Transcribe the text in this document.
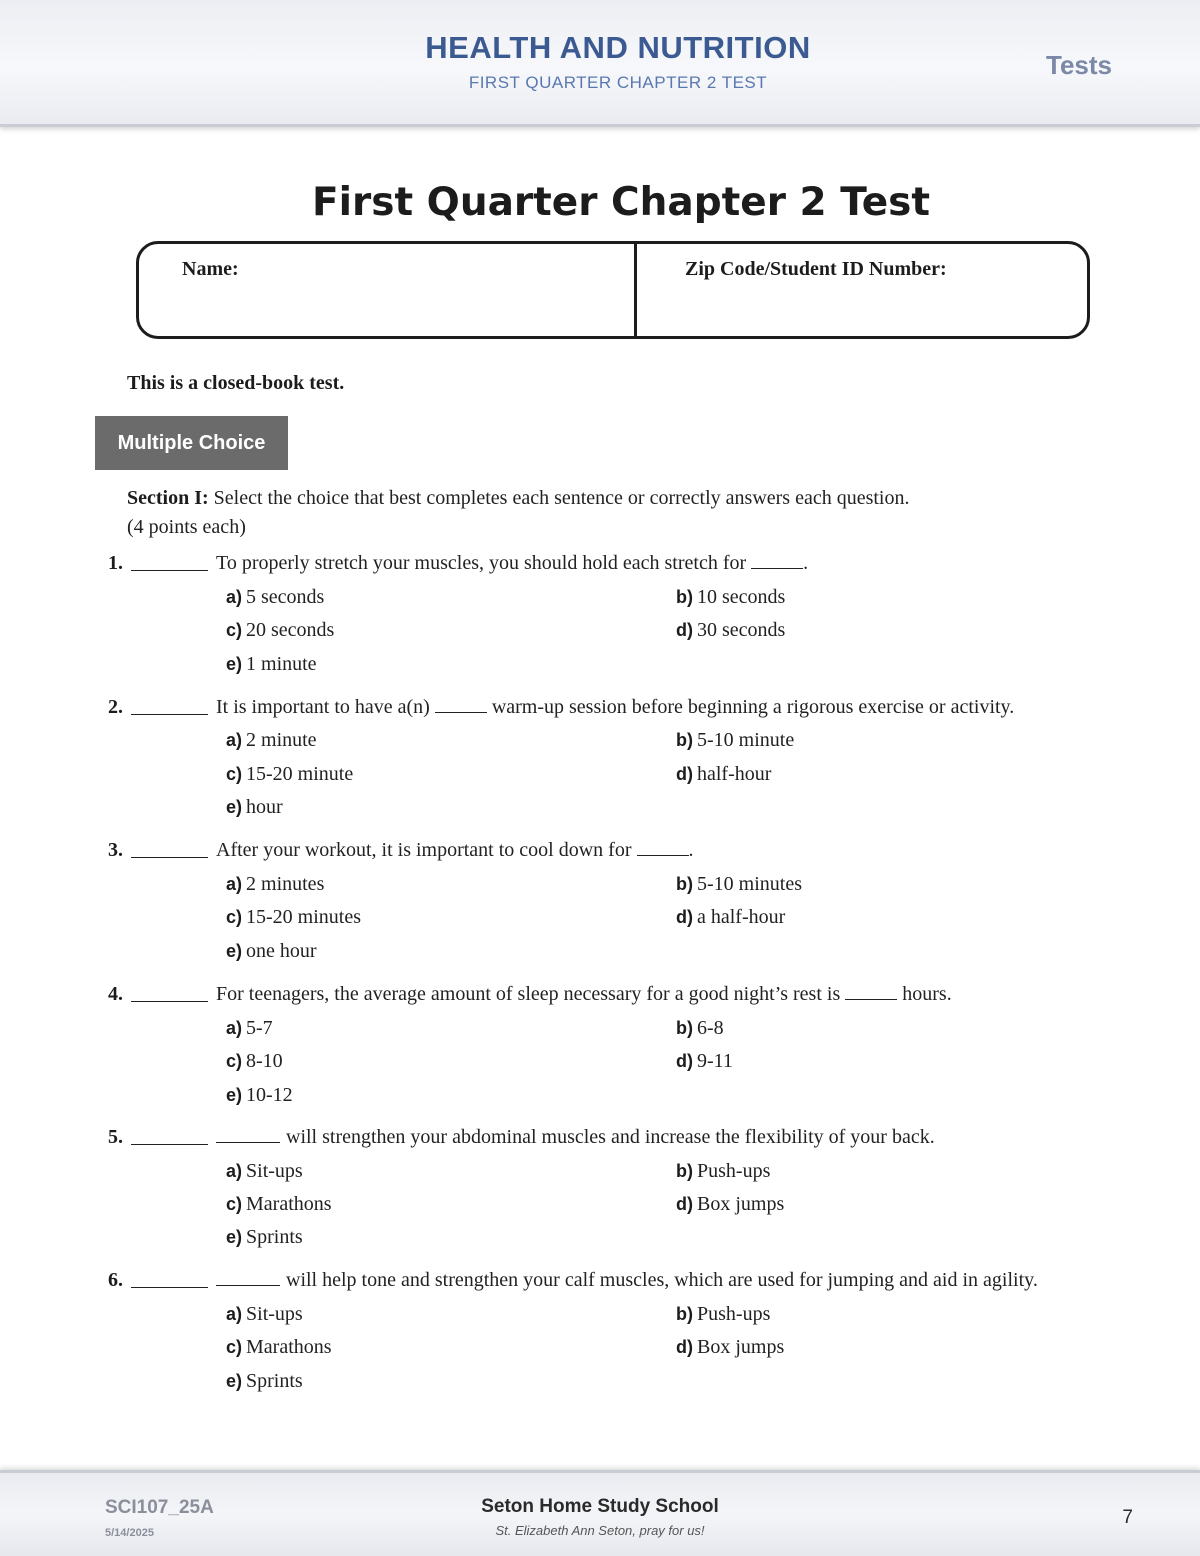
HEALTH AND NUTRITION
FIRST QUARTER CHAPTER 2 TEST
Tests
First Quarter Chapter 2 Test
Name:	Zip Code/Student ID Number:
This is a closed-book test.
Multiple Choice
Section I: Select the choice that best completes each sentence or correctly answers each question.
(4 points each)
1.	To properly stretch your muscles, you should hold each stretch for	.
a) 5 seconds	b) 10 seconds
c) 20 seconds	d) 30 seconds
e) 1 minute
2.	It is important to have a(n)	warm-up session before beginning a rigorous exercise or activity.
a) 2 minute	b) 5-10 minute
c) 15-20 minute	d) half-hour
e) hour
3.	After your workout, it is important to cool down for	.
a) 2 minutes	b) 5-10 minutes
c) 15-20 minutes	d) a half-hour
e) one hour
4.	For teenagers, the average amount of sleep necessary for a good night’s rest is	hours.
a) 5-7	b) 6-8
c) 8-10	d) 9-11
e) 10-12
5.	will strengthen your abdominal muscles and increase the flexibility of your back.
a) Sit-ups	b) Push-ups
c) Marathons	d) Box jumps
e) Sprints
6.	will help tone and strengthen your calf muscles, which are used for jumping and aid in agility.
a) Sit-ups	b) Push-ups
c) Marathons	d) Box jumps
e) Sprints
SCI107_25A
5/14/2025
Seton Home Study School
St. Elizabeth Ann Seton, pray for us!
7
